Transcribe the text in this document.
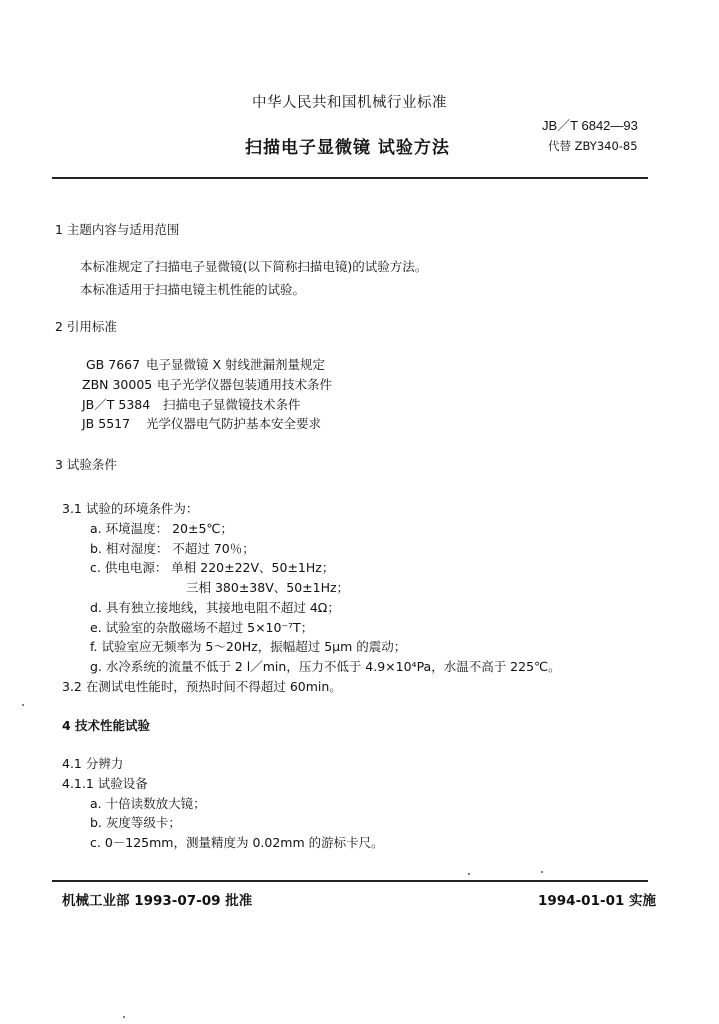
中华人民共和国机械行业标准
JB／T 6842—93
扫描电子显微镜 试验方法	代替 ZBY340-85
1 主题内容与适用范围
本标准规定了扫描电子显微镜(以下简称扫描电镜)的试验方法。
本标准适用于扫描电镜主机性能的试验。
2 引用标准
GB 7667 电子显微镜 X 射线泄漏剂量规定
ZBN 30005 电子光学仪器包装通用技术条件
JB／T 5384 扫描电子显微镜技术条件
JB 5517 光学仪器电气防护基本安全要求
3 试验条件
3.1 试验的环境条件为：
a. 环境温度： 20±5℃；
b. 相对湿度： 不超过 70％；
c. 供电电源： 单相 220±22V、50±1Hz；
三相 380±38V、50±1Hz；
d. 具有独立接地线，其接地电阻不超过 4Ω；
e. 试验室的杂散磁场不超过 5×10⁻⁷T；
f. 试验室应无频率为 5～20Hz，振幅超过 5μm 的震动；
g. 水冷系统的流量不低于 2 l／min，压力不低于 4.9×10⁴Pa，水温不高于 225℃。
3.2 在测试电性能时，预热时间不得超过 60min。
4 技术性能试验
4.1 分辨力
4.1.1 试验设备
a. 十倍读数放大镜；
b. 灰度等级卡；
c. 0－125mm，测量精度为 0.02mm 的游标卡尺。
机械工业部 1993-07-09 批准	1994-01-01 实施
